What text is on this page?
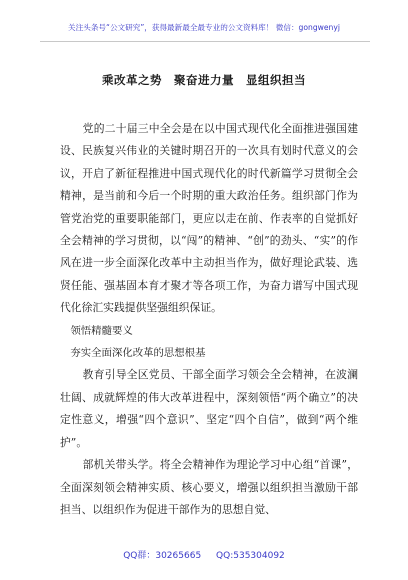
关注头条号“公文研究”，获得最新最全最专业的公文资料库！ 微信：gongwenyj
乘改革之势　聚奋进力量　显组织担当

党的二十届三中全会是在以中国式现代化全面推进强国建设、民族复兴伟业的关键时期召开的一次具有划时代意义的会议，开启了新征程推进中国式现代化的时代新篇学习贯彻全会精神，是当前和今后一个时期的重大政治任务。组织部门作为管党治党的重要职能部门，更应以走在前、作表率的自觉抓好全会精神的学习贯彻，以“闯”的精神、“创”的劲头、“实”的作风在进一步全面深化改革中主动担当作为，做好理论武装、选贤任能、强基固本育才聚才等各项工作，为奋力谱写中国式现代化徐汇实践提供坚强组织保证。

领悟精髓要义

夯实全面深化改革的思想根基

教育引导全区党员、干部全面学习领会全会精神，在波澜壮阔、成就辉煌的伟大改革进程中，深刻领悟“两个确立”的决定性意义，增强“四个意识”、坚定“四个自信”，做到“两个维护”。

部机关带头学。将全会精神作为理论学习中心组“首课”，全面深刻领会精神实质、核心要义，增强以组织担当激励干部担当、以组织作为促进干部作为的思想自觉、

QQ群：30265665 QQ:535304092
